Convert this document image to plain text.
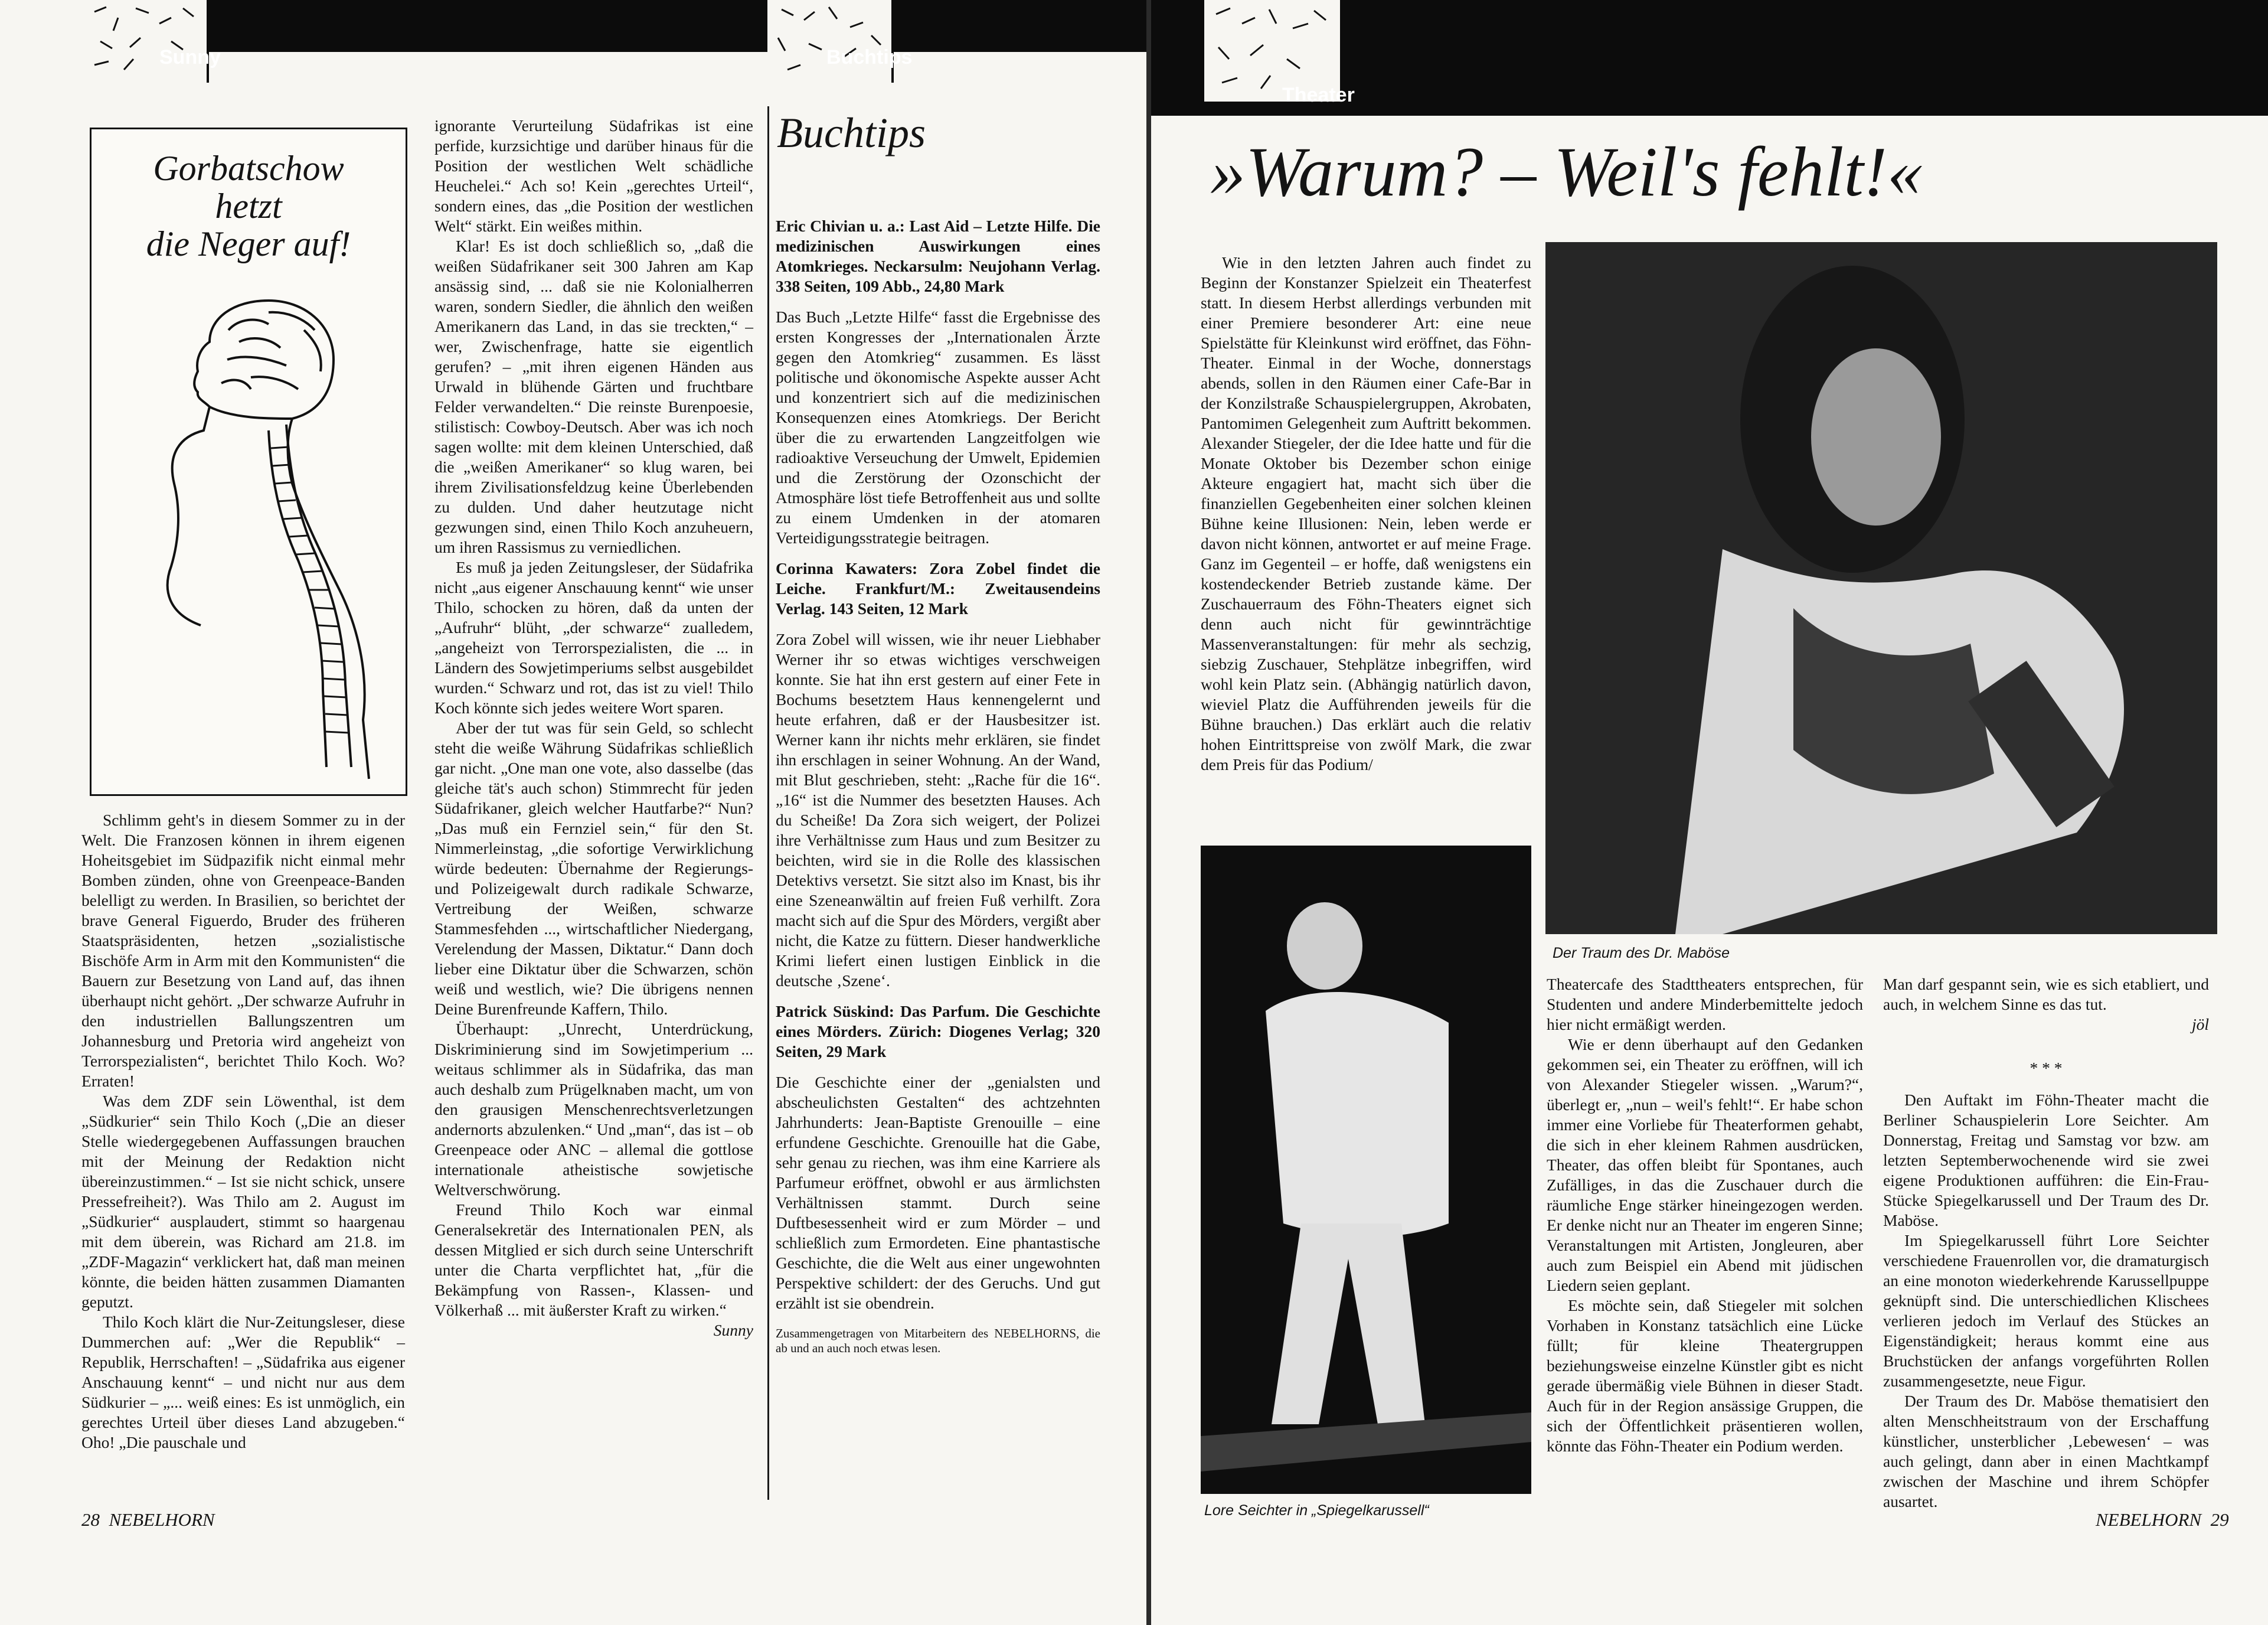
Sunny	Buchtips
Gorbatschow
hetzt
die Neger auf!

Schlimm geht's in diesem Sommer zu in der Welt. Die Franzosen können in ihrem eigenen Hoheitsgebiet im Südpazifik nicht einmal mehr Bomben zünden, ohne von Greenpeace-Banden belelligt zu werden. In Brasilien, so berichtet der brave General Figuerdo, Bruder des früheren Staatspräsidenten, hetzen „sozialistische Bischöfe Arm in Arm mit den Kommunisten“ die Bauern zur Besetzung von Land auf, das ihnen überhaupt nicht gehört. „Der schwarze Aufruhr in den industriellen Ballungszentren um Johannesburg und Pretoria wird angeheizt von Terrorspezialisten“, berichtet Thilo Koch. Wo? Erraten!

Was dem ZDF sein Löwenthal, ist dem „Südkurier“ sein Thilo Koch („Die an dieser Stelle wiedergegebenen Auffassungen brauchen mit der Meinung der Redaktion nicht übereinzustimmen.“ – Ist sie nicht schick, unsere Pressefreiheit?). Was Thilo am 2. August im „Südkurier“ ausplaudert, stimmt so haargenau mit dem überein, was Richard am 21.8. im „ZDF-Magazin“ verklickert hat, daß man meinen könnte, die beiden hätten zusammen Diamanten geputzt.

Thilo Koch klärt die Nur-Zeitungsleser, diese Dummerchen auf: „Wer die Republik“ – Republik, Herrschaften! – „Südafrika aus eigener Anschauung kennt“ – und nicht nur aus dem Südkurier – „... weiß eines: Es ist unmöglich, ein gerechtes Urteil über dieses Land abzugeben.“ Oho! „Die pauschale und

ignorante Verurteilung Südafrikas ist eine perfide, kurzsichtige und darüber hinaus für die Position der westlichen Welt schädliche Heuchelei.“ Ach so! Kein „gerechtes Urteil“, sondern eines, das „die Position der westlichen Welt“ stärkt. Ein weißes mithin.

Klar! Es ist doch schließlich so, „daß die weißen Südafrikaner seit 300 Jahren am Kap ansässig sind, ... daß sie nie Kolonialherren waren, sondern Siedler, die ähnlich den weißen Amerikanern das Land, in das sie treckten,“ – wer, Zwischenfrage, hatte sie eigentlich gerufen? – „mit ihren eigenen Händen aus Urwald in blühende Gärten und fruchtbare Felder verwandelten.“ Die reinste Burenpoesie, stilistisch: Cowboy-Deutsch. Aber was ich noch sagen wollte: mit dem kleinen Unterschied, daß die „weißen Amerikaner“ so klug waren, bei ihrem Zivilisationsfeldzug keine Überlebenden zu dulden. Und daher heutzutage nicht gezwungen sind, einen Thilo Koch anzuheuern, um ihren Rassismus zu verniedlichen.

Es muß ja jeden Zeitungsleser, der Südafrika nicht „aus eigener Anschauung kennt“ wie unser Thilo, schocken zu hören, daß da unten der „Aufruhr“ blüht, „der schwarze“ zualledem, „angeheizt von Terrorspezialisten, die ... in Ländern des Sowjetimperiums selbst ausgebildet wurden.“ Schwarz und rot, das ist zu viel! Thilo Koch könnte sich jedes weitere Wort sparen.

Aber der tut was für sein Geld, so schlecht steht die weiße Währung Südafrikas schließlich gar nicht. „One man one vote, also dasselbe (das gleiche tät's auch schon) Stimmrecht für jeden Südafrikaner, gleich welcher Hautfarbe?“ Nun? „Das muß ein Fernziel sein,“ für den St. Nimmerleinstag, „die sofortige Verwirklichung würde bedeuten: Übernahme der Regierungs- und Polizeigewalt durch radikale Schwarze, Vertreibung der Weißen, schwarze Stammesfehden ..., wirtschaftlicher Niedergang, Verelendung der Massen, Diktatur.“ Dann doch lieber eine Diktatur über die Schwarzen, schön weiß und westlich, wie? Die übrigens nennen Deine Burenfreunde Kaffern, Thilo.

Überhaupt: „Unrecht, Unterdrückung, Diskriminierung sind im Sowjetimperium ... weitaus schlimmer als in Südafrika, das man auch deshalb zum Prügelknaben macht, um von den grausigen Menschenrechtsverletzungen andernorts abzulenken.“ Und „man“, das ist – ob Greenpeace oder ANC – allemal die gottlose internationale atheistische sowjetische Weltverschwörung.

Freund Thilo Koch war einmal Generalsekretär des Internationalen PEN, als dessen Mitglied er sich durch seine Unterschrift unter die Charta verpflichtet hat, „für die Bekämpfung von Rassen-, Klassen- und Völkerhaß ... mit äußerster Kraft zu wirken.“

Sunny
Buchtips

Eric Chivian u. a.: Last Aid – Letzte Hilfe. Die medizinischen Auswirkungen eines Atomkrieges. Neckarsulm: Neujohann Verlag. 338 Seiten, 109 Abb., 24,80 Mark

Das Buch „Letzte Hilfe“ fasst die Ergebnisse des ersten Kongresses der „Internationalen Ärzte gegen den Atomkrieg“ zusammen. Es lässt politische und ökonomische Aspekte ausser Acht und konzentriert sich auf die medizinischen Konsequenzen eines Atomkriegs. Der Bericht über die zu erwartenden Langzeitfolgen wie radioaktive Verseuchung der Umwelt, Epidemien und die Zerstörung der Ozonschicht der Atmosphäre löst tiefe Betroffenheit aus und sollte zu einem Umdenken in der atomaren Verteidigungsstrategie beitragen.

Corinna Kawaters: Zora Zobel findet die Leiche. Frankfurt/M.: Zweitausendeins Verlag. 143 Seiten, 12 Mark

Zora Zobel will wissen, wie ihr neuer Liebhaber Werner ihr so etwas wichtiges verschweigen konnte. Sie hat ihn erst gestern auf einer Fete in Bochums besetztem Haus kennengelernt und heute erfahren, daß er der Hausbesitzer ist. Werner kann ihr nichts mehr erklären, sie findet ihn erschlagen in seiner Wohnung. An der Wand, mit Blut geschrieben, steht: „Rache für die 16“. „16“ ist die Nummer des besetzten Hauses. Ach du Scheiße! Da Zora sich weigert, der Polizei ihre Verhältnisse zum Haus und zum Besitzer zu beichten, wird sie in die Rolle des klassischen Detektivs versetzt. Sie sitzt also im Knast, bis ihr eine Szeneanwältin auf freien Fuß verhilft. Zora macht sich auf die Spur des Mörders, vergißt aber nicht, die Katze zu füttern. Dieser handwerkliche Krimi liefert einen lustigen Einblick in die deutsche ‚Szene‘.

Patrick Süskind: Das Parfum. Die Geschichte eines Mörders. Zürich: Diogenes Verlag; 320 Seiten, 29 Mark

Die Geschichte einer der „genialsten und abscheulichsten Gestalten“ des achtzehnten Jahrhunderts: Jean-Baptiste Grenouille – eine erfundene Geschichte. Grenouille hat die Gabe, sehr genau zu riechen, was ihm eine Karriere als Parfumeur eröffnet, obwohl er aus ärmlichsten Verhältnissen stammt. Durch seine Duftbesessenheit wird er zum Mörder – und schließlich zum Ermordeten. Eine phantastische Geschichte, die die Welt aus einer ungewohnten Perspektive schildert: der des Geruchs. Und gut erzählt ist sie obendrein.

Zusammengetragen von Mitarbeitern des NEBELHORNS, die ab und an auch noch etwas lesen.

28  NEBELHORN
Theater
»Warum? – Weil's fehlt!«

Wie in den letzten Jahren auch findet zu Beginn der Konstanzer Spielzeit ein Theaterfest statt. In diesem Herbst allerdings verbunden mit einer Premiere besonderer Art: eine neue Spielstätte für Kleinkunst wird eröffnet, das Föhn-Theater. Einmal in der Woche, donnerstags abends, sollen in den Räumen einer Cafe-Bar in der Konzilstraße Schauspielergruppen, Akrobaten, Pantomimen Gelegenheit zum Auftritt bekommen. Alexander Stiegeler, der die Idee hatte und für die Monate Oktober bis Dezember schon einige Akteure engagiert hat, macht sich über die finanziellen Gegebenheiten einer solchen kleinen Bühne keine Illusionen: Nein, leben werde er davon nicht können, antwortet er auf meine Frage. Ganz im Gegenteil – er hoffe, daß wenigstens ein kostendeckender Betrieb zustande käme. Der Zuschauerraum des Föhn-Theaters eignet sich denn auch nicht für gewinnträchtige Massenveranstaltungen: für mehr als sechzig, siebzig Zuschauer, Stehplätze inbegriffen, wird wohl kein Platz sein. (Abhängig natürlich davon, wieviel Platz die Aufführenden jeweils für die Bühne brauchen.) Das erklärt auch die relativ hohen Eintrittspreise von zwölf Mark, die zwar dem Preis für das Podium/

Der Traum des Dr. Maböse
Lore Seichter in „Spiegelkarussell“

Theatercafe des Stadttheaters entsprechen, für Studenten und andere Minderbemittelte jedoch hier nicht ermäßigt werden.

Wie er denn überhaupt auf den Gedanken gekommen sei, ein Theater zu eröffnen, will ich von Alexander Stiegeler wissen. „Warum?“, überlegt er, „nun – weil's fehlt!“. Er habe schon immer eine Vorliebe für Theaterformen gehabt, die sich in eher kleinem Rahmen ausdrücken, Theater, das offen bleibt für Spontanes, auch Zufälliges, in das die Zuschauer durch die räumliche Enge stärker hineingezogen werden. Er denke nicht nur an Theater im engeren Sinne; Veranstaltungen mit Artisten, Jongleuren, aber auch zum Beispiel ein Abend mit jüdischen Liedern seien geplant.

Es möchte sein, daß Stiegeler mit solchen Vorhaben in Konstanz tatsächlich eine Lücke füllt; für kleine Theatergruppen beziehungsweise einzelne Künstler gibt es nicht gerade übermäßig viele Bühnen in dieser Stadt. Auch für in der Region ansässige Gruppen, die sich der Öffentlichkeit präsentieren wollen, könnte das Föhn-Theater ein Podium werden.

Man darf gespannt sein, wie es sich etabliert, und auch, in welchem Sinne es das tut.

jöl
* * *

Den Auftakt im Föhn-Theater macht die Berliner Schauspielerin Lore Seichter. Am Donnerstag, Freitag und Samstag vor bzw. am letzten Septemberwochenende wird sie zwei eigene Produktionen aufführen: die Ein-Frau-Stücke Spiegelkarussell und Der Traum des Dr. Maböse.

Im Spiegelkarussell führt Lore Seichter verschiedene Frauenrollen vor, die dramaturgisch an eine monoton wiederkehrende Karussellpuppe geknüpft sind. Die unterschiedlichen Klischees verlieren jedoch im Verlauf des Stückes an Eigenständigkeit; heraus kommt eine aus Bruchstücken der anfangs vorgeführten Rollen zusammengesetzte, neue Figur.

Der Traum des Dr. Maböse thematisiert den alten Menschheitstraum von der Erschaffung künstlicher, unsterblicher ‚Lebewesen‘ – was auch gelingt, dann aber in einen Machtkampf zwischen der Maschine und ihrem Schöpfer ausartet.

NEBELHORN  29
